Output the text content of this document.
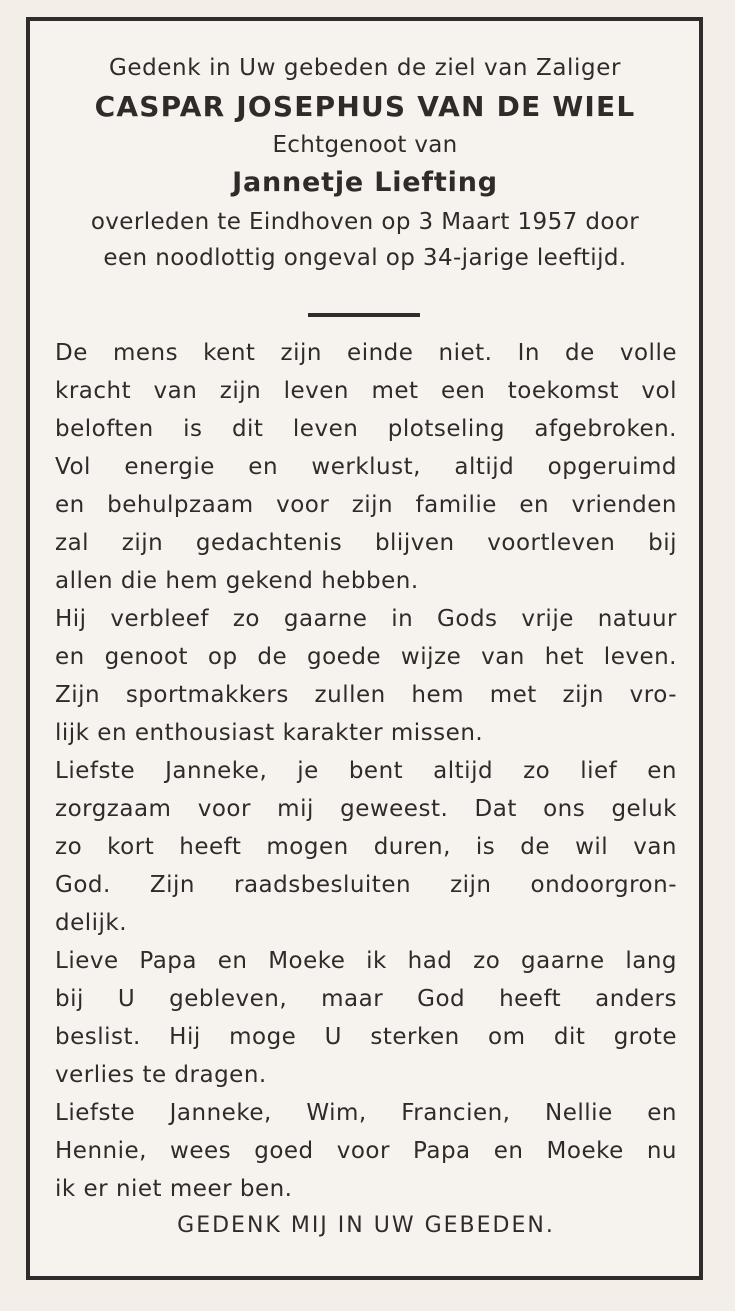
Gedenk in Uw gebeden de ziel van Zaliger
CASPAR JOSEPHUS VAN DE WIEL
Echtgenoot van
Jannetje Liefting
overleden te Eindhoven op 3 Maart 1957 door
een noodlottig ongeval op 34-jarige leeftijd.
De mens kent zijn einde niet. In de volle
kracht van zijn leven met een toekomst vol
beloften is dit leven plotseling afgebroken.
Vol energie en werklust, altijd opgeruimd
en behulpzaam voor zijn familie en vrienden
zal zijn gedachtenis blijven voortleven bij
allen die hem gekend hebben.
Hij verbleef zo gaarne in Gods vrije natuur
en genoot op de goede wijze van het leven.
Zijn sportmakkers zullen hem met zijn vro-
lijk en enthousiast karakter missen.
Liefste Janneke, je bent altijd zo lief en
zorgzaam voor mij geweest. Dat ons geluk
zo kort heeft mogen duren, is de wil van
God. Zijn raadsbesluiten zijn ondoorgron-
delijk.
Lieve Papa en Moeke ik had zo gaarne lang
bij U gebleven, maar God heeft anders
beslist. Hij moge U sterken om dit grote
verlies te dragen.
Liefste Janneke, Wim, Francien, Nellie en
Hennie, wees goed voor Papa en Moeke nu
ik er niet meer ben.
GEDENK MIJ IN UW GEBEDEN.
